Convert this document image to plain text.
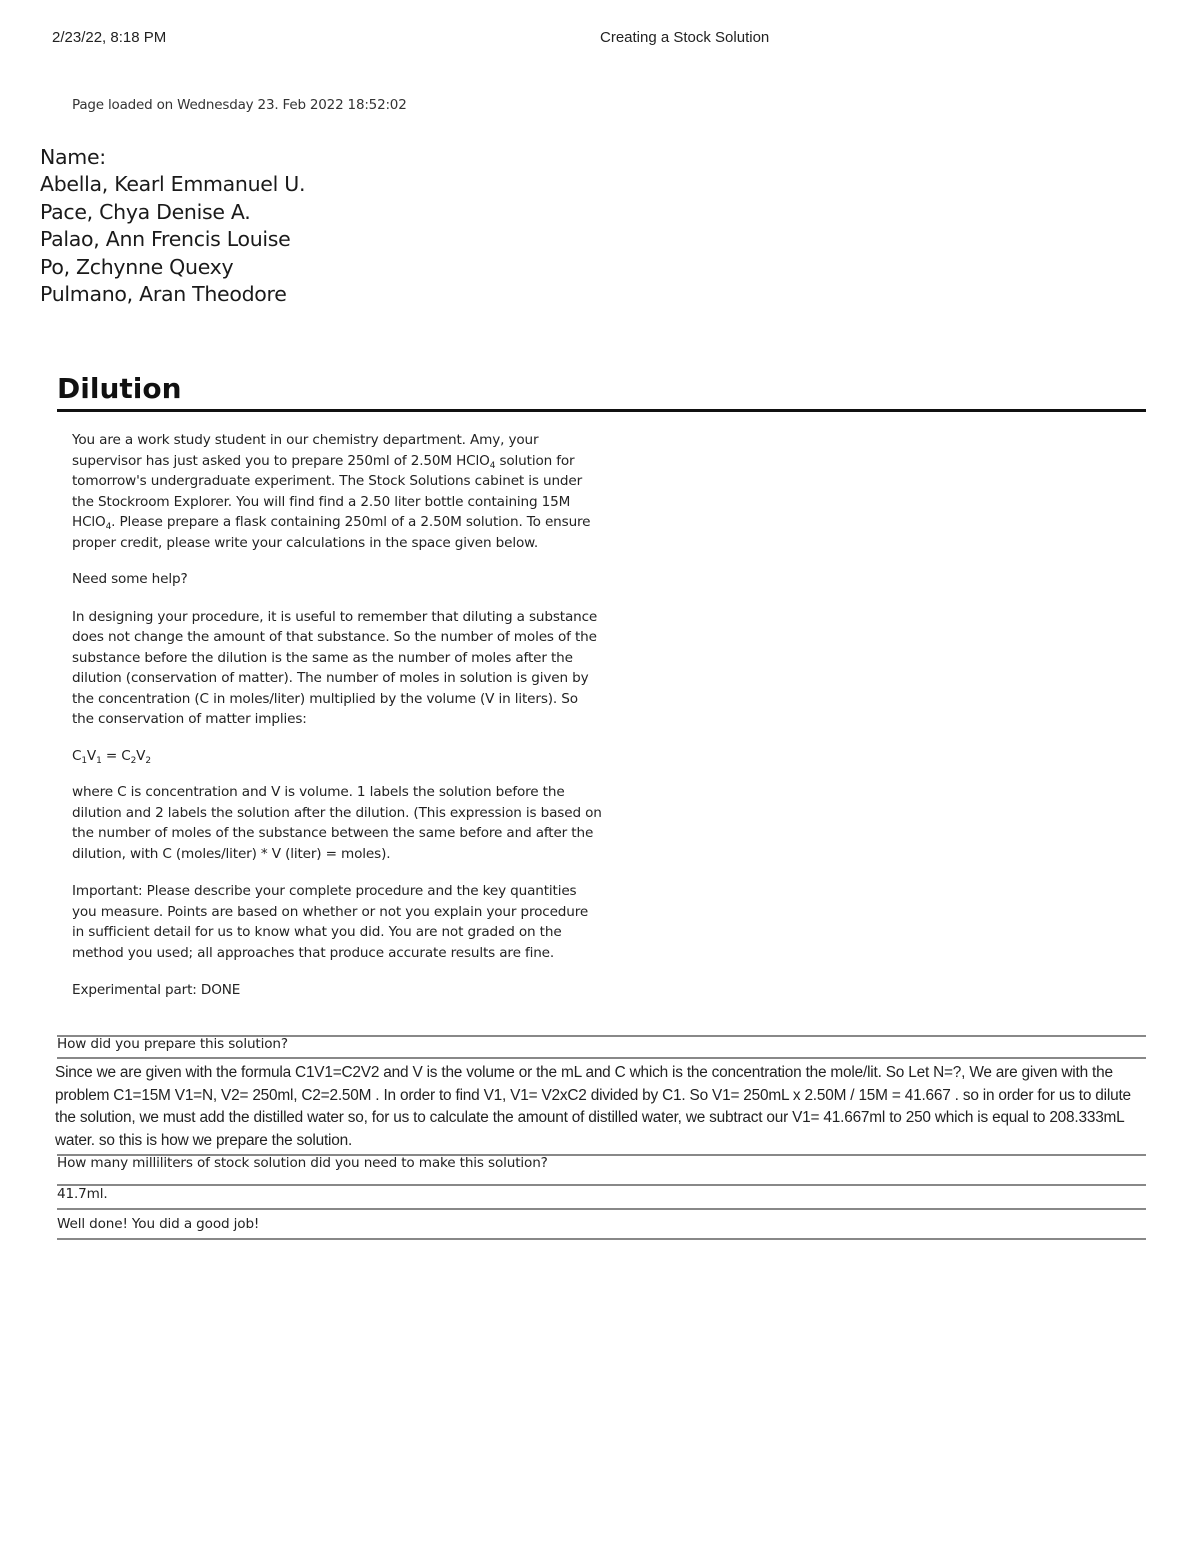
2/23/22, 8:18 PM	Creating a Stock Solution
Page loaded on Wednesday 23. Feb 2022 18:52:02
Name:
Abella, Kearl Emmanuel U.
Pace, Chya Denise A.
Palao, Ann Frencis Louise
Po, Zchynne Quexy
Pulmano, Aran Theodore
Dilution

You are a work study student in our chemistry department. Amy, your supervisor has just asked you to prepare 250ml of 2.50M HClO$_4$ solution for tomorrow's undergraduate experiment. The Stock Solutions cabinet is under the Stockroom Explorer. You will find find a 2.50 liter bottle containing 15M HClO$_4$. Please prepare a flask containing 250ml of a 2.50M solution. To ensure proper credit, please write your calculations in the space given below.

Need some help?

In designing your procedure, it is useful to remember that diluting a substance does not change the amount of that substance. So the number of moles of the substance before the dilution is the same as the number of moles after the dilution (conservation of matter). The number of moles in solution is given by the concentration (C in moles/liter) multiplied by the volume (V in liters). So the conservation of matter implies:

$C_1V_1 = C_2V_2$

where C is concentration and V is volume. 1 labels the solution before the dilution and 2 labels the solution after the dilution. (This expression is based on the number of moles of the substance between the same before and after the dilution, with C (moles/liter) * V (liter) = moles).

Important: Please describe your complete procedure and the key quantities you measure. Points are based on whether or not you explain your procedure in sufficient detail for us to know what you did. You are not graded on the method you used; all approaches that produce accurate results are fine.

Experimental part: DONE

How did you prepare this solution?
Since we are given with the formula C1V1=C2V2 and V is the volume or the mL and C which is the concentration the mole/lit. So Let N=?, We are given with the problem C1=15M V1=N, V2= 250ml, C2=2.50M . In order to find V1, V1= V2xC2 divided by C1. So V1= 250mL x 2.50M / 15M = 41.667 . so in order for us to dilute the solution, we must add the distilled water so, for us to calculate the amount of distilled water, we subtract our V1= 41.667ml to 250 which is equal to 208.333mL water. so this is how we prepare the solution.
How many milliliters of stock solution did you need to make this solution?
41.7ml.
Well done! You did a good job!
